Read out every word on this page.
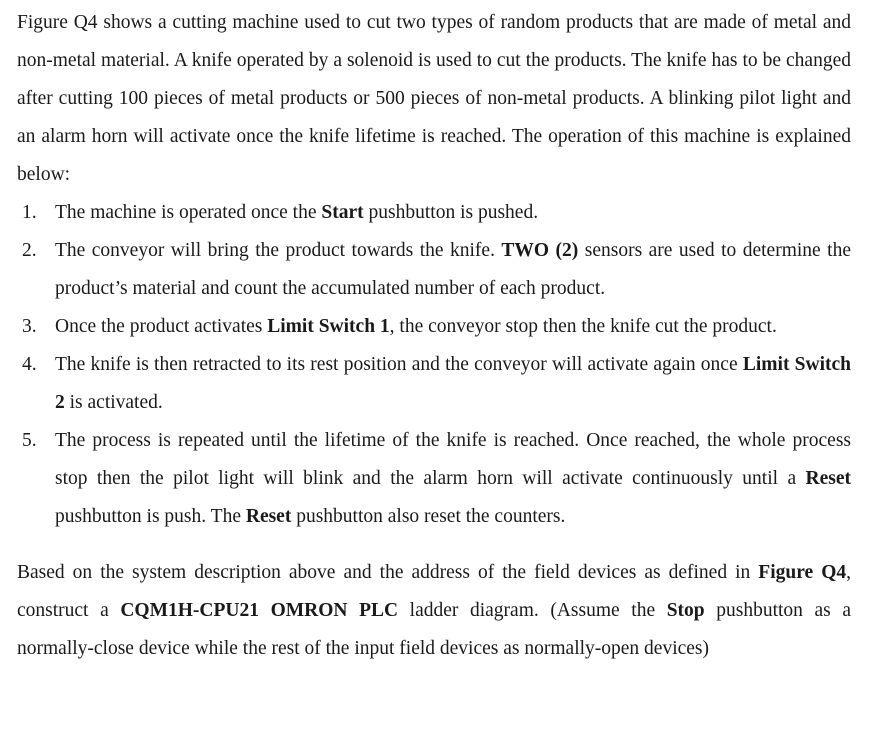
Figure Q4 shows a cutting machine used to cut two types of random products that are made of metal and non-metal material. A knife operated by a solenoid is used to cut the products. The knife has to be changed after cutting 100 pieces of metal products or 500 pieces of non-metal products. A blinking pilot light and an alarm horn will activate once the knife lifetime is reached. The operation of this machine is explained below:

1. The machine is operated once the Start pushbutton is pushed.
2. The conveyor will bring the product towards the knife. TWO (2) sensors are used to determine the product’s material and count the accumulated number of each product.
3. Once the product activates Limit Switch 1, the conveyor stop then the knife cut the product.
4. The knife is then retracted to its rest position and the conveyor will activate again once Limit Switch 2 is activated.
5. The process is repeated until the lifetime of the knife is reached. Once reached, the whole process stop then the pilot light will blink and the alarm horn will activate continuously until a Reset pushbutton is push. The Reset pushbutton also reset the counters.

Based on the system description above and the address of the field devices as defined in Figure Q4, construct a CQM1H-CPU21 OMRON PLC ladder diagram. (Assume the Stop pushbutton as a normally-close device while the rest of the input field devices as normally-open devices)
